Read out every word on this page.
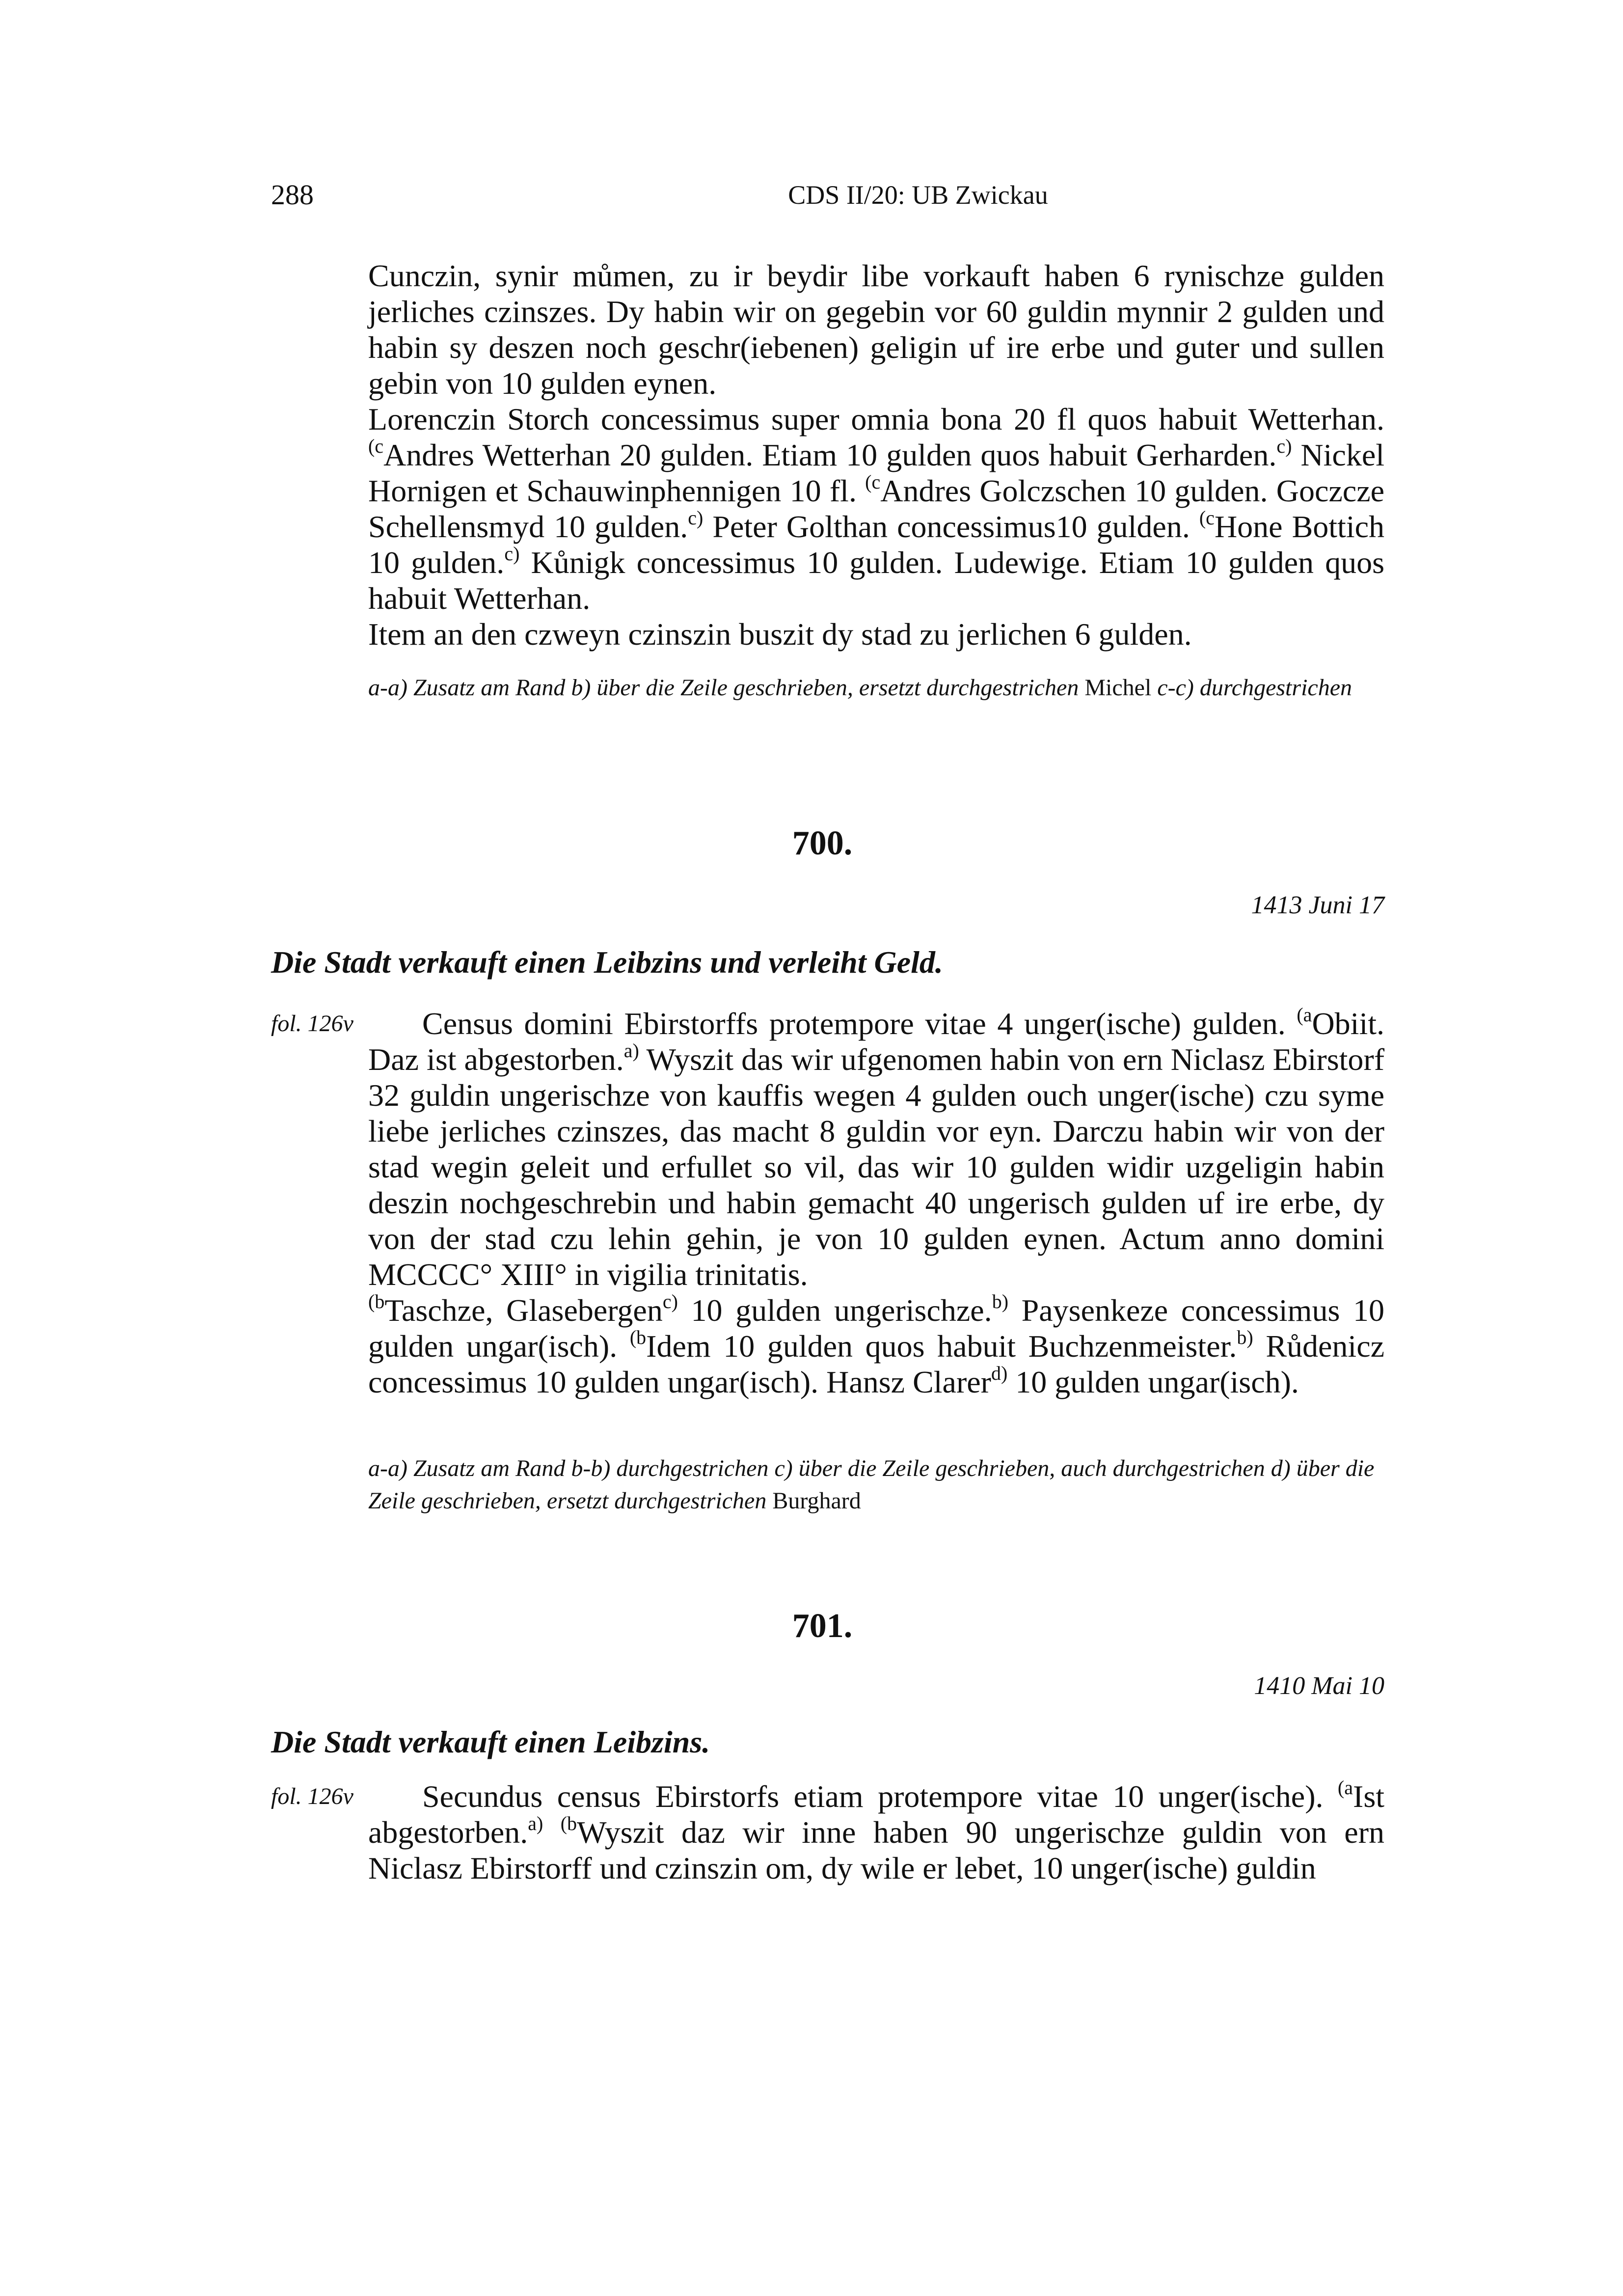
288	CDS II/20: UB Zwickau

Cunczin, synir můmen, zu ir beydir libe vorkauft haben 6 rynischze gulden jerliches czinszes. Dy habin wir on gegebin vor 60 guldin mynnir 2 gulden und habin sy deszen noch geschr(iebenen) geligin uf ire erbe und guter und sullen gebin von 10 gulden eynen.

Lorenczin Storch concessimus super omnia bona 20 fl quos habuit Wetterhan. $^{(c}$Andres Wetterhan 20 gulden. Etiam 10 gulden quos habuit Gerharden.$^{c)}$ Nickel Hornigen et Schauwinphennigen 10 fl. $^{(c}$Andres Golczschen 10 gulden. Goczcze Schellensmyd 10 gulden.$^{c)}$ Peter Golthan concessimus10 gulden. $^{(c}$Hone Bottich 10 gulden.$^{c)}$ Kůnigk concessimus 10 gulden. Ludewige. Etiam 10 gulden quos habuit Wetterhan.

Item an den czweyn czinszin buszit dy stad zu jerlichen 6 gulden.

a-a) Zusatz am Rand b) über die Zeile geschrieben, ersetzt durchgestrichen Michel c-c) durchgestrichen
700.
1413 Juni 17
Die Stadt verkauft einen Leibzins und verleiht Geld.
fol. 126v	Census domini Ebirstorffs protempore vitae 4 unger(ische) gulden. $^{(a}$Obiit. Daz ist abgestorben.$^{a)}$ Wyszit das wir ufgenomen habin von ern Niclasz Ebirstorf 32 guldin ungerischze von kauffis wegen 4 gulden ouch unger(ische) czu syme liebe jerliches czinszes, das macht 8 guldin vor eyn. Darczu habin wir von der stad wegin geleit und erfullet so vil, das wir 10 gulden widir uzgeligin habin deszin nochgeschrebin und habin gemacht 40 ungerisch gulden uf ire erbe, dy von der stad czu lehin gehin, je von 10 gulden eynen. Actum anno domini MCCCC° XIII° in vigilia trinitatis.
$^{(b}$Taschze, Glasebergen$^{c)}$ 10 gulden ungerischze.$^{b)}$ Paysenkeze concessimus 10 gulden ungar(isch). $^{(b}$Idem 10 gulden quos habuit Buchzenmeister.$^{b)}$ Růdenicz concessimus 10 gulden ungar(isch). Hansz Clarer$^{d)}$ 10 gulden ungar(isch).

a-a) Zusatz am Rand b-b) durchgestrichen c) über die Zeile geschrieben, auch durchgestrichen d) über die Zeile geschrieben, ersetzt durchgestrichen Burghard
701.
1410 Mai 10
Die Stadt verkauft einen Leibzins.
fol. 126v	Secundus census Ebirstorfs etiam protempore vitae 10 unger(ische). $^{(a}$Ist abgestorben.$^{a)}$ $^{(b}$Wyszit daz wir inne haben 90 ungerischze guldin von ern Niclasz Ebirstorff und czinszin om, dy wile er lebet, 10 unger(ische) guldin
